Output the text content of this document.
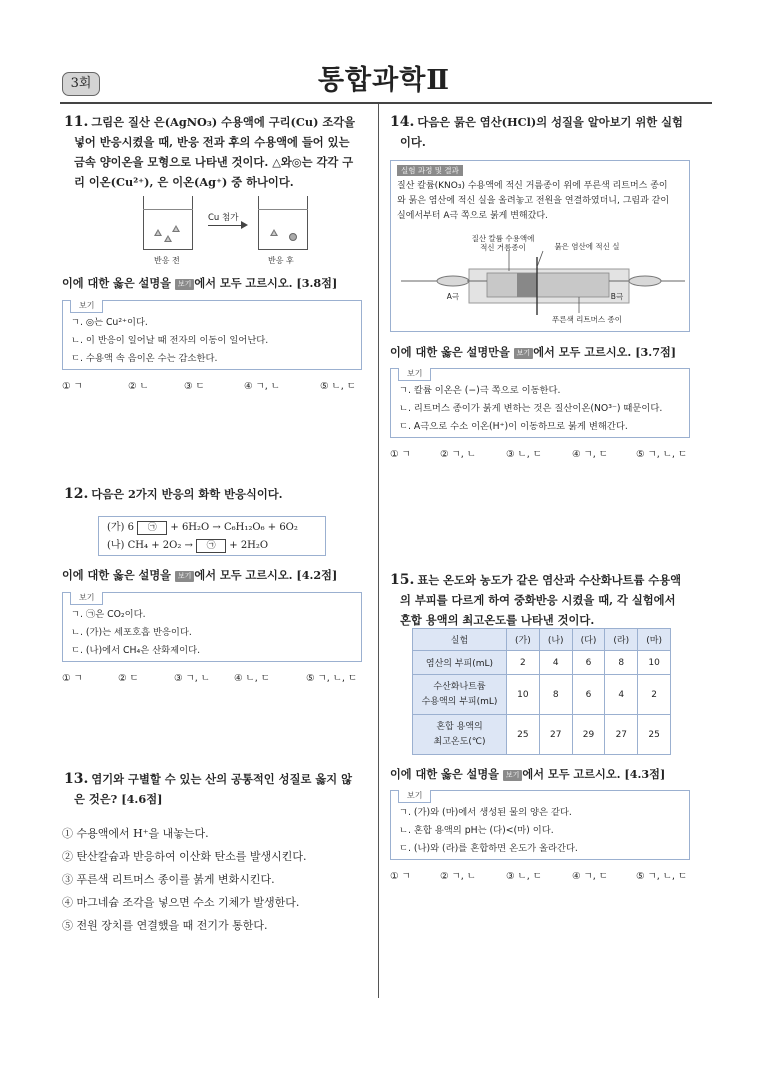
3회	통합과학Ⅱ
11. 그림은 질산 은(AgNO₃) 수용액에 구리(Cu) 조각을
넣어 반응시켰을 때, 반응 전과 후의 수용액에 들어 있는
금속 양이온을 모형으로 나타낸 것이다. △와◎는 각각 구
리 이온(Cu²⁺), 은 이온(Ag⁺) 중 하나이다.
Cu 첨가
반응 전	반응 후
이에 대한 옳은 설명을 보기 에서 모두 고르시오. [3.8점]
보기
ㄱ. ◎는 Cu²⁺이다.
ㄴ. 이 반응이 일어날 때 전자의 이동이 일어난다.
ㄷ. 수용액 속 음이온 수는 감소한다.
① ㄱ	② ㄴ	③ ㄷ	④ ㄱ, ㄴ	⑤ ㄴ, ㄷ
12. 다음은 2가지 반응의 화학 반응식이다.
(가) 6 ㉠ + 6H₂O → C₆H₁₂O₆ + 6O₂
(나) CH₄ + 2O₂ → ㉠ + 2H₂O
이에 대한 옳은 설명을 보기 에서 모두 고르시오. [4.2점]
보기
ㄱ. ㉠은 CO₂이다.
ㄴ. (가)는 세포호흡 반응이다.
ㄷ. (나)에서 CH₄은 산화제이다.
① ㄱ	② ㄷ	③ ㄱ, ㄴ	④ ㄴ, ㄷ	⑤ ㄱ, ㄴ, ㄷ
13. 염기와 구별할 수 있는 산의 공통적인 성질로 옳지 않
은 것은? [4.6점]
① 수용액에서 H⁺을 내놓는다.
② 탄산칼슘과 반응하여 이산화 탄소를 발생시킨다.
③ 푸른색 리트머스 종이를 붉게 변화시킨다.
④ 마그네슘 조각을 넣으면 수소 기체가 발생한다.
⑤ 전원 장치를 연결했을 때 전기가 통한다.
14. 다음은 묽은 염산(HCl)의 성질을 알아보기 위한 실험
이다.
실험 과정 및 결과
질산 칼륨(KNO₃) 수용액에 적신 거름종이 위에 푸른색 리트머스 종이
와 묽은 염산에 적신 실을 올려놓고 전원을 연결하였더니, 그림과 같이
실에서부터 A극 쪽으로 붉게 변해갔다.
질산 칼륨 수용액에
적신 거름종이	묽은 염산에 적신 실
A극	B극
푸른색 리트머스 종이
이에 대한 옳은 설명만을 보기 에서 모두 고르시오. [3.7점]
보기
ㄱ. 칼륨 이온은 (−)극 쪽으로 이동한다.
ㄴ. 리트머스 종이가 붉게 변하는 것은 질산이온(NO³⁻) 때문이다.
ㄷ. A극으로 수소 이온(H⁺)이 이동하므로 붉게 변해간다.
① ㄱ	② ㄱ, ㄴ	③ ㄴ, ㄷ	④ ㄱ, ㄷ	⑤ ㄱ, ㄴ, ㄷ
15. 표는 온도와 농도가 같은 염산과 수산화나트륨 수용액
의 부피를 다르게 하여 중화반응 시켰을 때, 각 실험에서
혼합 용액의 최고온도를 나타낸 것이다.
실험	(가)	(나)	(다)	(라)	(마)
염산의 부피(mL)	2	4	6	8	10

수산화나트륨
수용액의 부피(mL)	10	8	6	4	2

혼합 용액의
최고온도(℃)	25	27	29	27	25
이에 대한 옳은 설명을 보기 에서 모두 고르시오. [4.3점]
보기
ㄱ. (가)와 (마)에서 생성된 물의 양은 같다.
ㄴ. 혼합 용액의 pH는 (다)<(마) 이다.
ㄷ. (나)와 (라)를 혼합하면 온도가 올라간다.
① ㄱ	② ㄱ, ㄴ	③ ㄴ, ㄷ	④ ㄱ, ㄷ	⑤ ㄱ, ㄴ, ㄷ
